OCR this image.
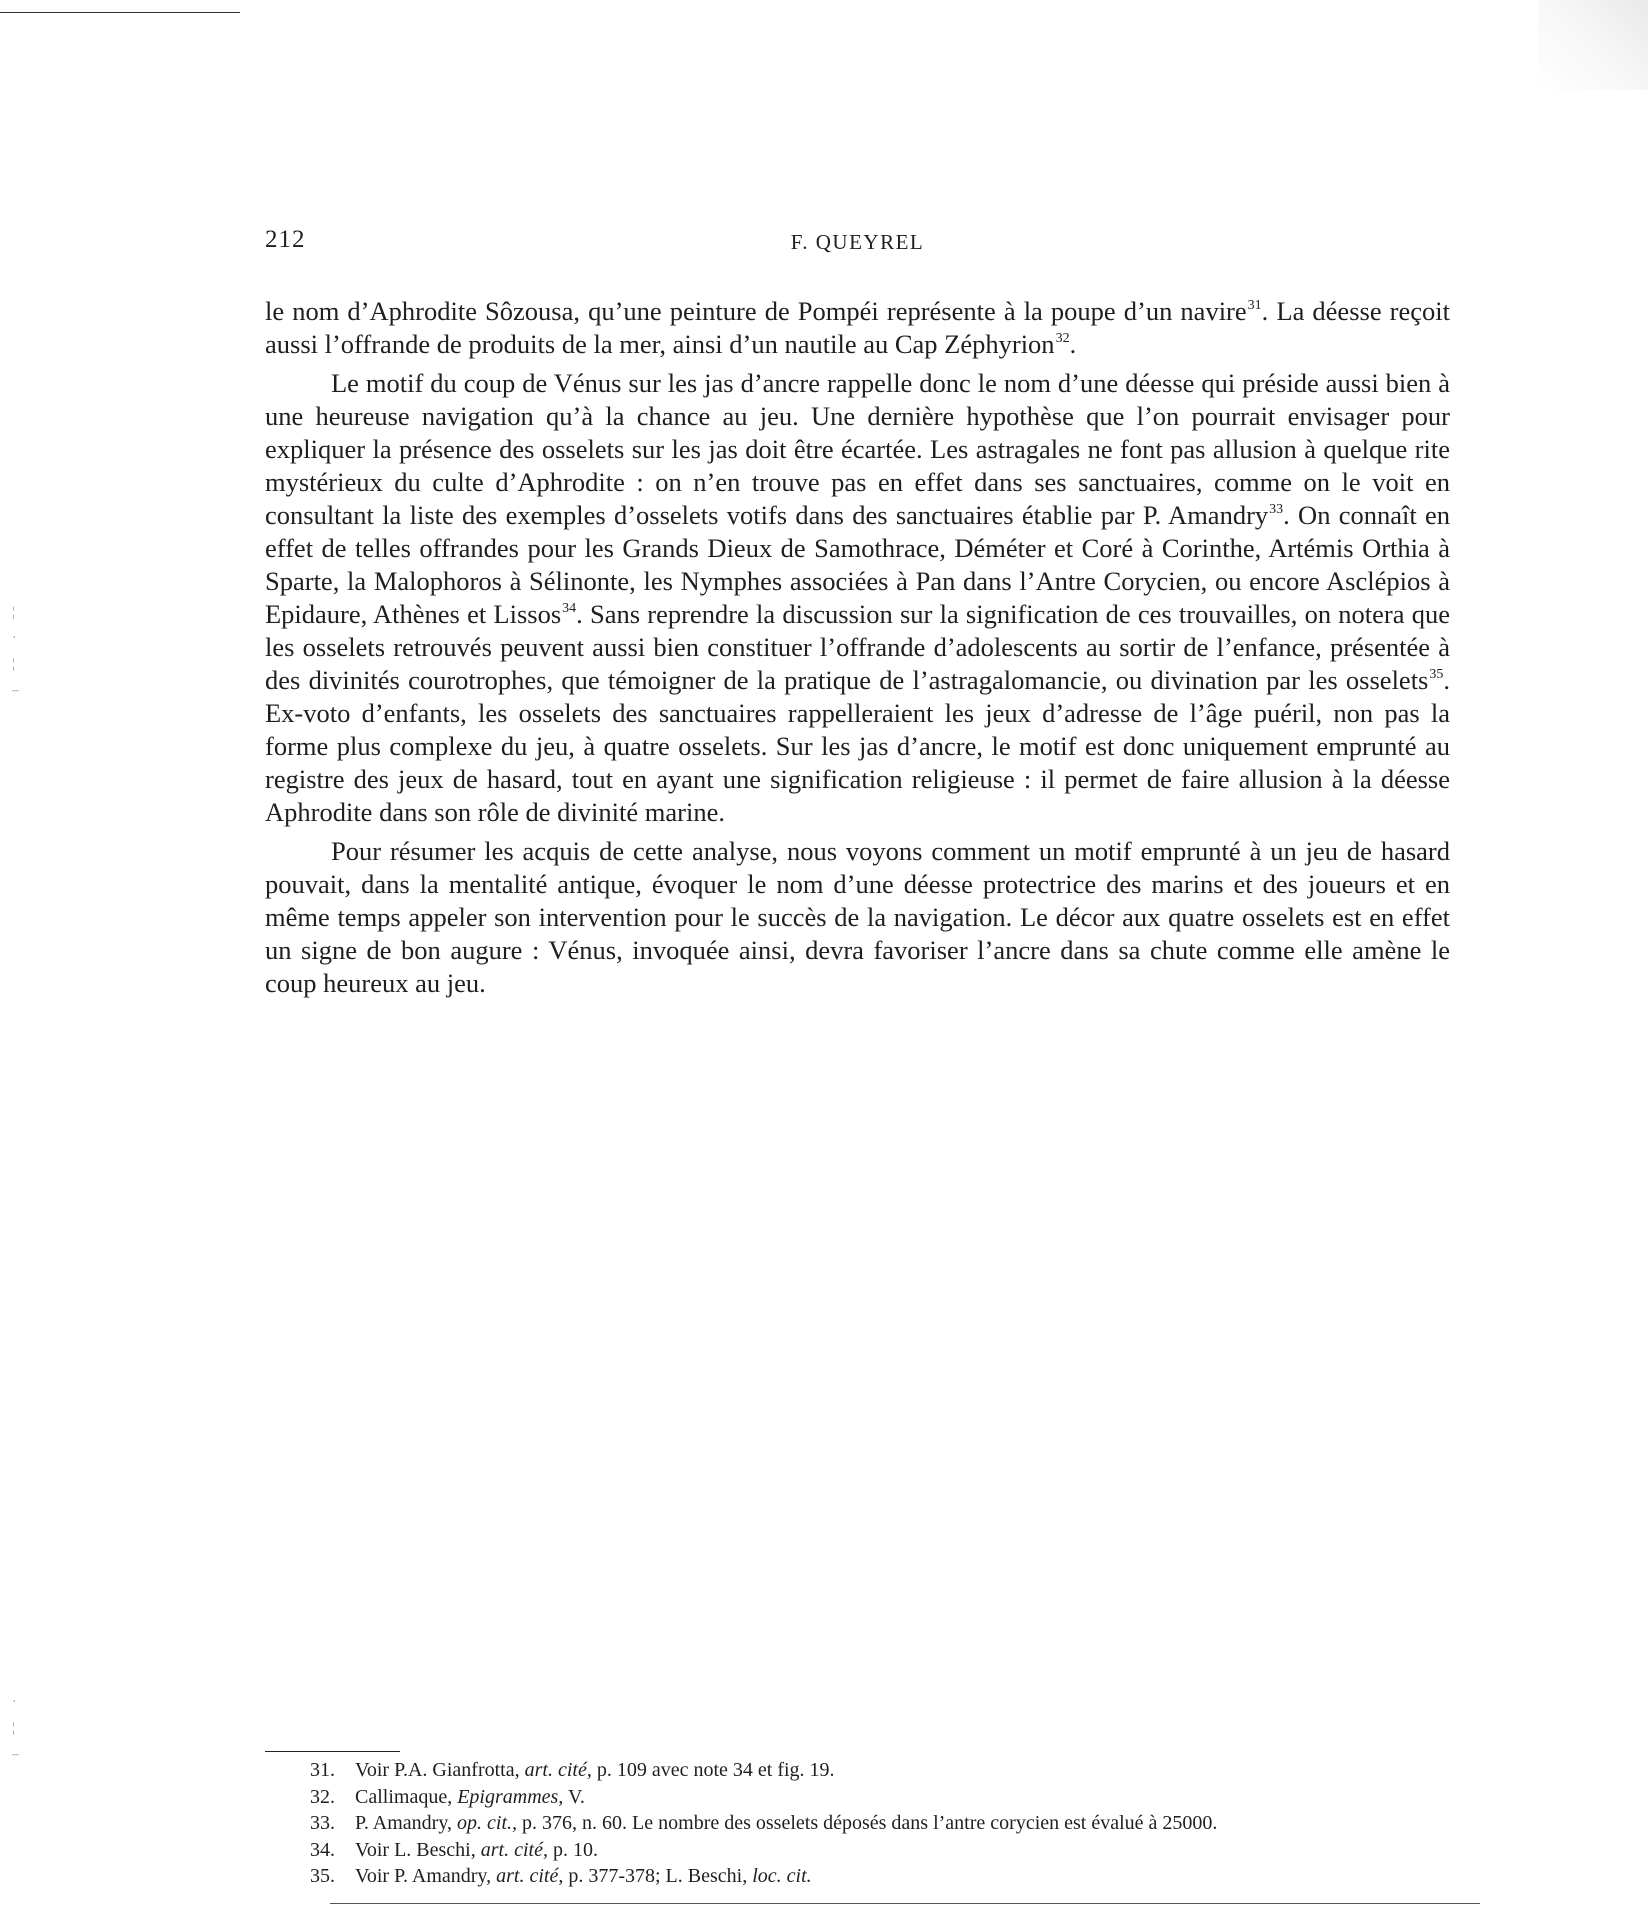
¦
·
¦
–
·
¦
–
212	F. QUEYREL

le nom d’Aphrodite Sôzousa, qu’une peinture de Pompéi représente à la poupe d’un navire$^{31}$. La déesse reçoit aussi l’offrande de produits de la mer, ainsi d’un nautile au Cap Zéphyrion$^{32}$.

Le motif du coup de Vénus sur les jas d’ancre rappelle donc le nom d’une déesse qui préside aussi bien à une heureuse navigation qu’à la chance au jeu. Une dernière hypothèse que l’on pourrait envisager pour expliquer la présence des osselets sur les jas doit être écartée. Les astragales ne font pas allusion à quelque rite mystérieux du culte d’Aphrodite : on n’en trouve pas en effet dans ses sanctuaires, comme on le voit en consultant la liste des exemples d’osselets votifs dans des sanctuaires établie par P. Amandry$^{33}$. On connaît en effet de telles offrandes pour les Grands Dieux de Samothrace, Déméter et Coré à Corinthe, Artémis Orthia à Sparte, la Malophoros à Sélinonte, les Nymphes associées à Pan dans l’Antre Corycien, ou encore Asclépios à Epidaure, Athènes et Lissos$^{34}$. Sans reprendre la discussion sur la signification de ces trouvailles, on notera que les osselets retrouvés peuvent aussi bien constituer l’offrande d’adolescents au sortir de l’enfance, présentée à des divinités courotrophes, que témoigner de la pratique de l’astragalomancie, ou divination par les osselets$^{35}$. Ex-voto d’enfants, les osselets des sanctuaires rappelleraient les jeux d’adresse de l’âge puéril, non pas la forme plus complexe du jeu, à quatre osselets. Sur les jas d’ancre, le motif est donc uniquement emprunté au registre des jeux de hasard, tout en ayant une signification religieuse : il permet de faire allusion à la déesse Aphrodite dans son rôle de divinité marine.

Pour résumer les acquis de cette analyse, nous voyons comment un motif emprunté à un jeu de hasard pouvait, dans la mentalité antique, évoquer le nom d’une déesse protectrice des marins et des joueurs et en même temps appeler son intervention pour le succès de la navigation. Le décor aux quatre osselets est en effet un signe de bon augure : Vénus, invoquée ainsi, devra favoriser l’ancre dans sa chute comme elle amène le coup heureux au jeu.

31. Voir P.A. Gianfrotta, art. cité, p. 109 avec note 34 et fig. 19.
32. Callimaque, Epigrammes, V.
33. P. Amandry, op. cit., p. 376, n. 60. Le nombre des osselets déposés dans l’antre corycien est évalué à 25000.
34. Voir L. Beschi, art. cité, p. 10.
35. Voir P. Amandry, art. cité, p. 377-378; L. Beschi, loc. cit.
